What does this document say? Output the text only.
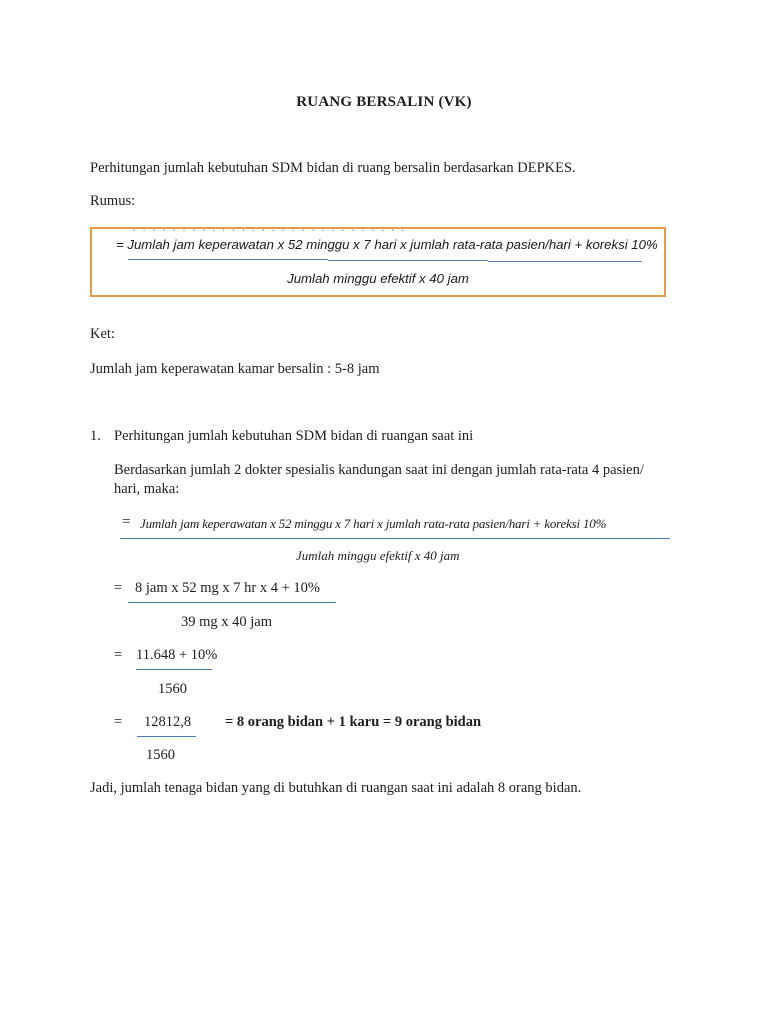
RUANG BERSALIN (VK)
Perhitungan jumlah kebutuhan SDM bidan di ruang bersalin berdasarkan DEPKES.
Rumus:
· · · · · · · · · · · · · · · · · · · · · · · · · · · ·
= Jumlah jam keperawatan x 52 minggu x 7 hari x jumlah rata-rata pasien/hari + koreksi 10%
Jumlah minggu efektif x 40 jam
Ket:
Jumlah jam keperawatan kamar bersalin : 5-8 jam
1. Perhitungan jumlah kebutuhan SDM bidan di ruangan saat ini
Berdasarkan jumlah 2 dokter spesialis kandungan saat ini dengan jumlah rata-rata 4 pasien/
hari, maka:
= Jumlah jam keperawatan x 52 minggu x 7 hari x jumlah rata-rata pasien/hari + koreksi 10%
Jumlah minggu efektif x 40 jam
= 8 jam x 52 mg x 7 hr x 4 + 10%
39 mg x 40 jam
= 11.648 + 10%
1560
= 12812,8 = 8 orang bidan + 1 karu = 9 orang bidan
1560
Jadi, jumlah tenaga bidan yang di butuhkan di ruangan saat ini adalah 8 orang bidan.
